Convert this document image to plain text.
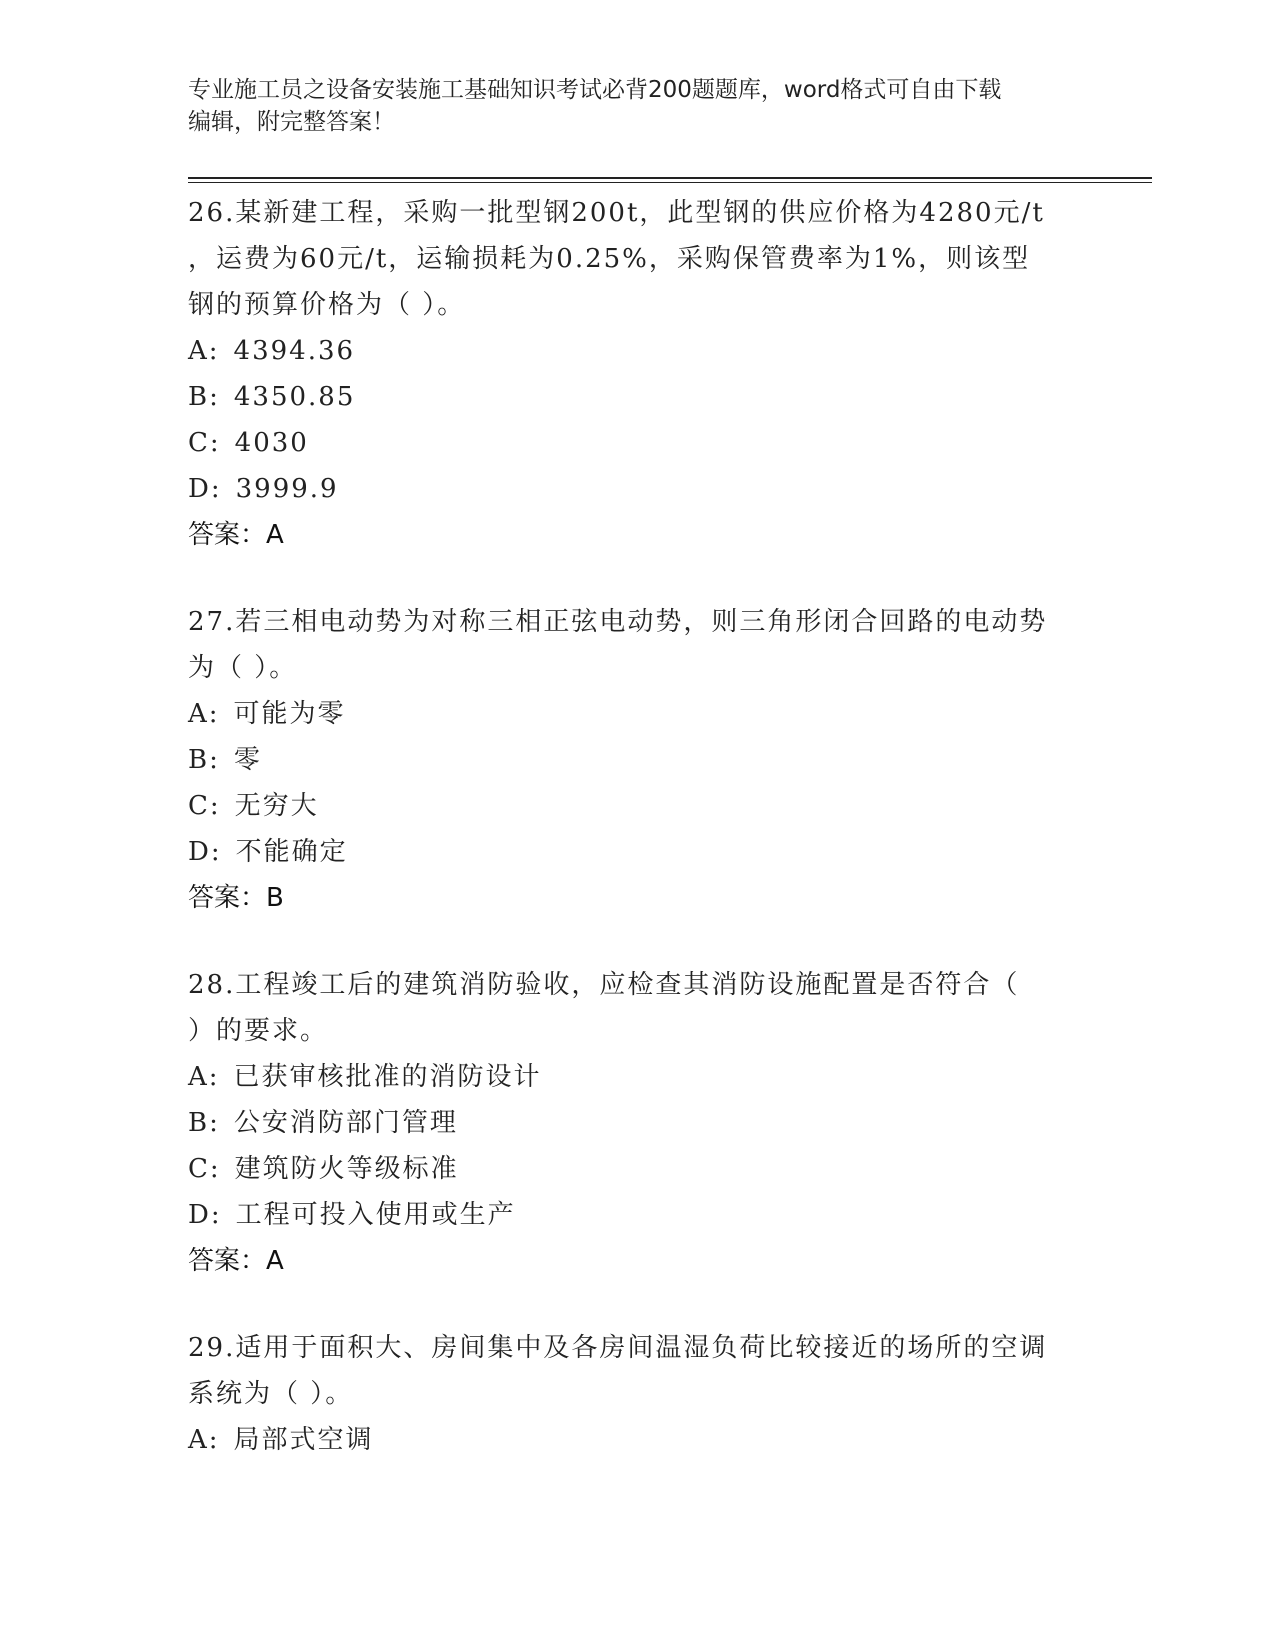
专业施工员之设备安装施工基础知识考试必背200题题库，word格式可自由下载
编辑，附完整答案！
26.某新建工程，采购一批型钢200t，此型钢的供应价格为4280元/t
，运费为60元/t，运输损耗为0.25%，采购保管费率为1%，则该型
钢的预算价格为（ ）。
A: 4394.36
B: 4350.85
C: 4030
D: 3999.9
答案：A
27.若三相电动势为对称三相正弦电动势，则三角形闭合回路的电动势
为（ ）。
A: 可能为零
B: 零
C: 无穷大
D: 不能确定
答案：B
28.工程竣工后的建筑消防验收，应检查其消防设施配置是否符合（
）的要求。
A: 已获审核批准的消防设计
B: 公安消防部门管理
C: 建筑防火等级标准
D: 工程可投入使用或生产
答案：A
29.适用于面积大、房间集中及各房间温湿负荷比较接近的场所的空调
系统为（ ）。
A: 局部式空调
